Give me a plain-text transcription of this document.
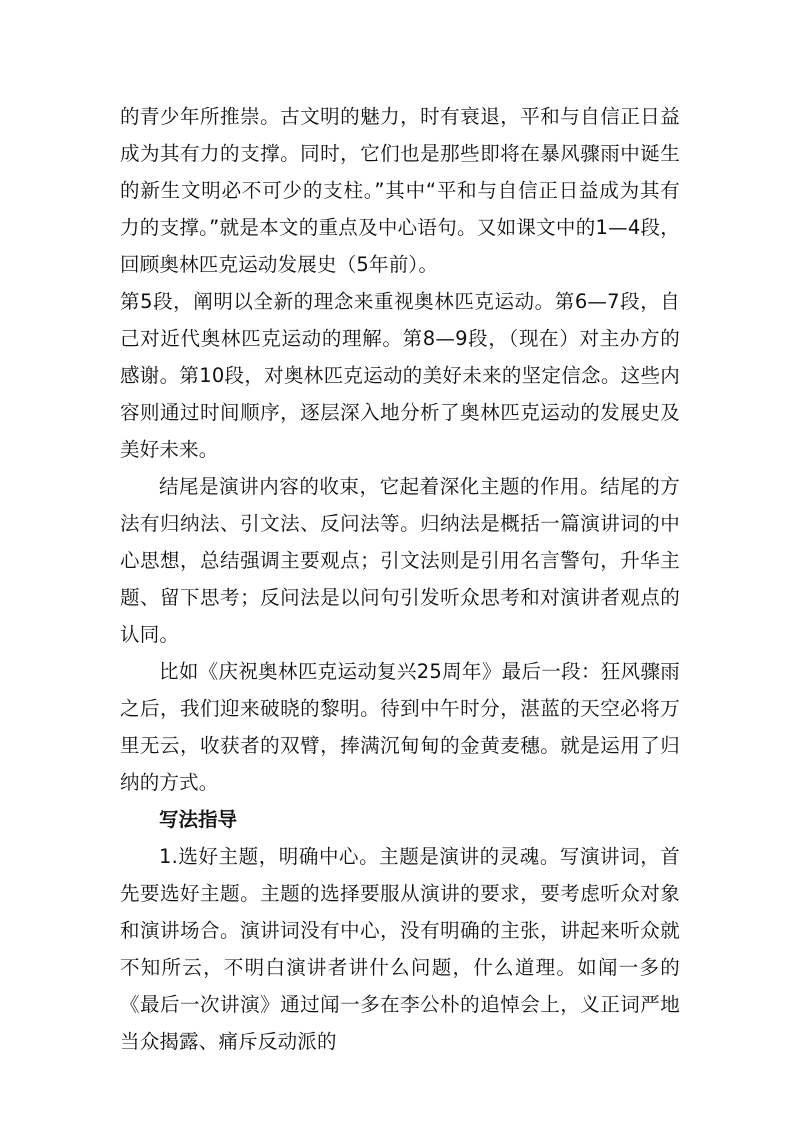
的青少年所推崇。古文明的魅力，时有衰退，平和与自信正日益成为其有力的支撑。同时，它们也是那些即将在暴风骤雨中诞生的新生文明必不可少的支柱。”其中“平和与自信正日益成为其有力的支撑。”就是本文的重点及中心语句。又如课文中的1—4段，回顾奥林匹克运动发展史（5年前）。

第5段，阐明以全新的理念来重视奥林匹克运动。第6—7段，自己对近代奥林匹克运动的理解。第8—9段，（现在）对主办方的感谢。第10段，对奥林匹克运动的美好未来的坚定信念。这些内容则通过时间顺序，逐层深入地分析了奥林匹克运动的发展史及美好未来。

结尾是演讲内容的收束，它起着深化主题的作用。结尾的方法有归纳法、引文法、反问法等。归纳法是概括一篇演讲词的中心思想，总结强调主要观点；引文法则是引用名言警句，升华主题、留下思考；反问法是以问句引发听众思考和对演讲者观点的认同。

比如《庆祝奥林匹克运动复兴25周年》最后一段：狂风骤雨之后，我们迎来破晓的黎明。待到中午时分，湛蓝的天空必将万里无云，收获者的双臂，捧满沉甸甸的金黄麦穗。就是运用了归纳的方式。

写法指导

1.选好主题，明确中心。主题是演讲的灵魂。写演讲词，首先要选好主题。主题的选择要服从演讲的要求，要考虑听众对象和演讲场合。演讲词没有中心，没有明确的主张，讲起来听众就不知所云，不明白演讲者讲什么问题，什么道理。如闻一多的《最后一次讲演》通过闻一多在李公朴的追悼会上，义正词严地当众揭露、痛斥反动派的
